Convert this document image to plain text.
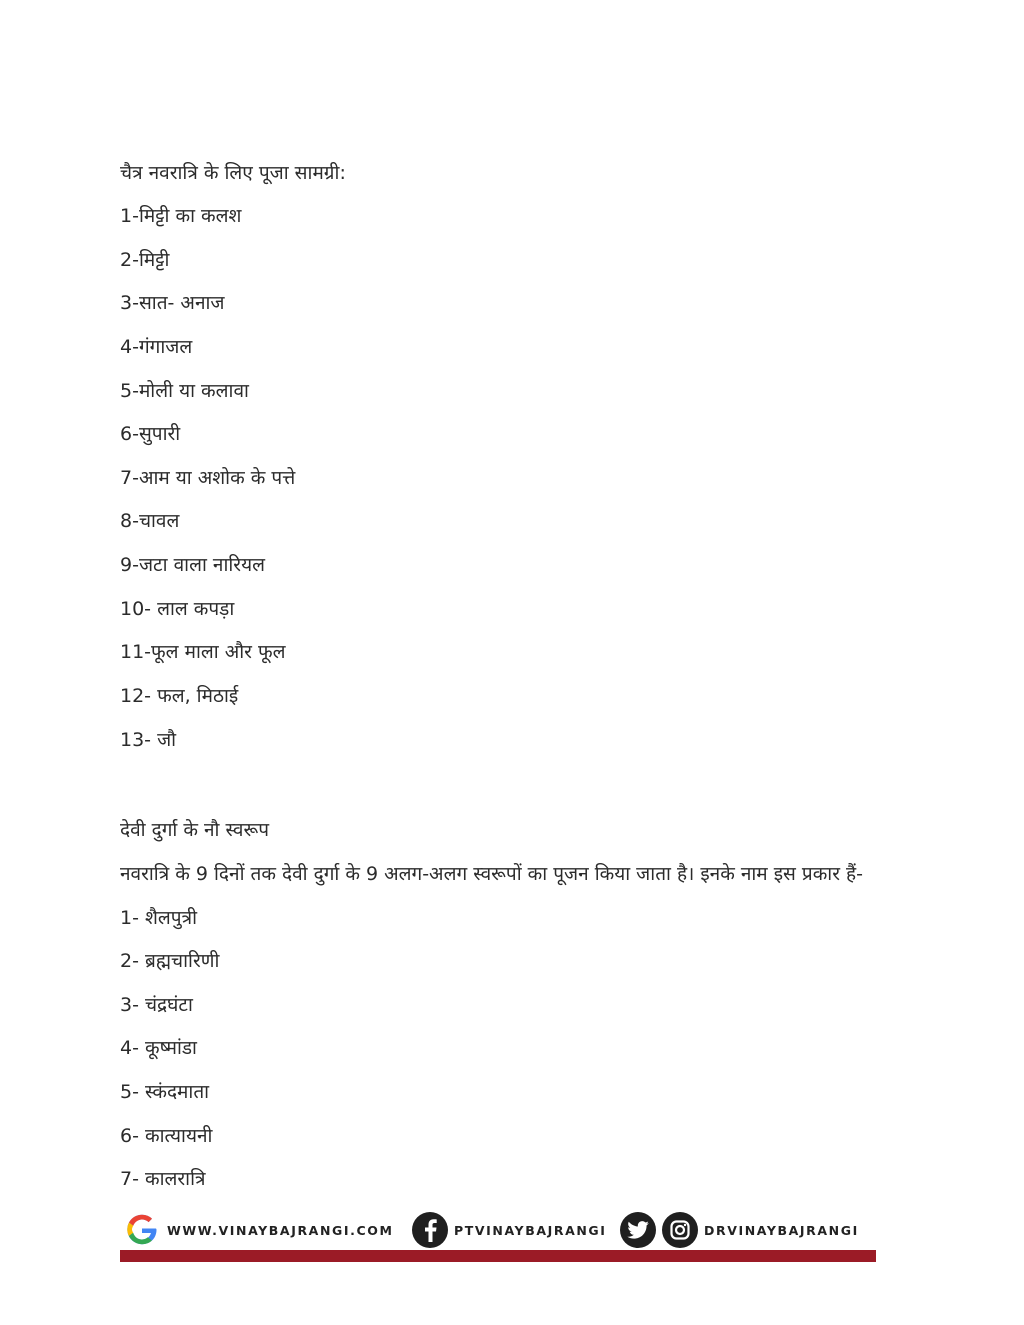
चैत्र नवरात्रि के लिए पूजा सामग्री:
1-मिट्टी का कलश
2-मिट्टी
3-सात- अनाज
4-गंगाजल
5-मोली या कलावा
6-सुपारी
7-आम या अशोक के पत्ते
8-चावल
9-जटा वाला नारियल
10- लाल कपड़ा
11-फूल माला और फूल
12- फल, मिठाई
13- जौ
देवी दुर्गा के नौ स्वरूप
नवरात्रि के 9 दिनों तक देवी दुर्गा के 9 अलग-अलग स्वरूपों का पूजन किया जाता है। इनके नाम इस प्रकार हैं-
1- शैलपुत्री
2- ब्रह्मचारिणी
3- चंद्रघंटा
4- कूष्मांडा
5- स्कंदमाता
6- कात्यायनी
7- कालरात्रि
WWW.VINAYBAJRANGI.COM	PTVINAYBAJRANGI	DRVINAYBAJRANGI
